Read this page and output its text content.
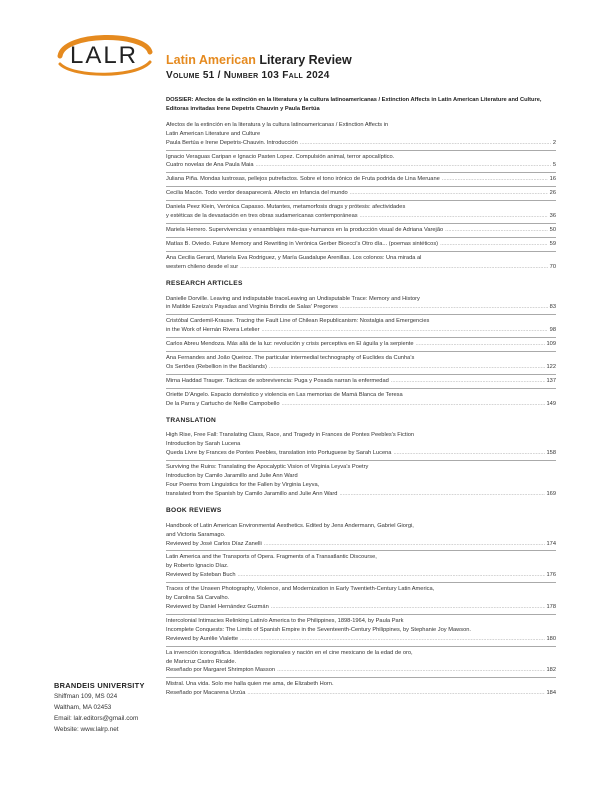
LALR	Latin American Literary Review
Volume 51 / Number 103 Fall 2024
DOSSIER: Afectos de la extinción en la literatura y la cultura latinoamericanas / Extinction Affects in Latin American Literature and Culture, Editoras invitadas Irene Depetris Chauvin y Paula Bertúa
Afectos de la extinción en la literatura y la cultura latinoamericanas / Extinction Affects in
Latin American Literature and Culture
Paula Bertúa e Irene Depetris-Chauvin. Introducción .....	2
Ignacio Veraguas Caripan e Ignacio Pasten Lopez. Compulsión animal, terror apocalíptico.
Cuatro novelas de Ana Paula Maia .....	5
Juliana Piña. Mondas lustrosas, pellejos putrefactos. Sobre el tono irónico de Fruta podrida de Lina Meruane .....	16
Cecilia Macón. Todo verdor desaparecerá. Afecto en Infancia del mundo .....	26
Daniela Peez Klein, Verónica Capasso. Mutantes, metamorfosis drags y prótesis: afectividades
y estéticas de la devastación en tres obras sudamericanas contemporáneas .....	36
Mariela Herrero. Supervivencias y ensamblajes más-que-humanos en la producción visual de Adriana Varejão .....	50
Matías B. Oviedo. Future Memory and Rewriting in Verónica Gerber Bicecci’s Otro día... (poemas sintéticos) .....	59
Ana Cecilia Gerard, Mariela Eva Rodriguez, y María Guadalupe Arenillas. Los colonos: Una mirada al
western chileno desde el sur .....	70
RESEARCH ARTICLES
Danielle Dorville. Leaving and indisputable traceLeaving an Undisputable Trace: Memory and History
in Matilde Ezeiza’s Payadas and Virginia Brindis de Salas’ Pregones .....	83
Cristóbal Cardemil-Krause. Tracing the Fault Line of Chilean Republicanism: Nostalgia and Emergencies
in the Work of Hernán Rivera Letelier .....	98
Carlos Abreu Mendoza. Más allá de la luz: revolución y crisis perceptiva en El águila y la serpiente .....	109
Ana Fernandes and João Queiroz. The particular intermedial technography of Euclides da Cunha’s
Os Sertões (Rebellion in the Backlands) .....	122
Mirna Haddad Trauger. Tácticas de sobrevivencia: Puga y Posada narran la enfermedad .....	137
Oriette D’Angelo. Espacio doméstico y violencia en Las memorias de Mamá Blanca de Teresa
De la Parra y Cartucho de Nellie Campobello .....	149
TRANSLATION
High Rise, Free Fall: Translating Class, Race, and Tragedy in Frances de Pontes Peebles’s Fiction
Introduction by Sarah Lucena
Queda Livre by Frances de Pontes Peebles, translation into Portuguese by Sarah Lucena .....	158
Surviving the Ruins: Translating the Apocalyptic Vision of Virginia Leyva’s Poetry
Introduction by Camilo Jaramillo and Julie Ann Ward
Four Poems from Linguistics for the Fallen by Virginia Leyva,
translated from the Spanish by Camilo Jaramillo and Julie Ann Ward .....	169
BOOK REVIEWS
Handbook of Latin American Environmental Aesthetics. Edited by Jens Andermann, Gabriel Giorgi,
and Victoria Saramago.
Reviewed by José Carlos Díaz Zanelli .....	174
Latin America and the Transports of Opera. Fragments of a Transatlantic Discourse,
by Roberto Ignacio Díaz.
Reviewed by Esteban Buch .....	176
Traces of the Unseen Photography, Violence, and Modernization in Early Twentieth-Century Latin America,
by Carolina Sá Carvalho.
Reviewed by Daniel Hernández Guzmán .....	178
Intercolonial Intimacies Relinking Latin/o America to the Philippines, 1898-1964, by Paula Park
Incomplete Conquests: The Limits of Spanish Empire in the Seventeenth-Century Philippines, by Stephanie Joy Mawson.
Reviewed by Aurélie Vialette .....	180
La invención iconográfica. Identidades regionales y nación en el cine mexicano de la edad de oro,
de Maricruz Castro Ricalde.
Reseñado por Margaret Shrimpton Masson .....	182
Mistral. Una vida. Solo me halla quien me ama, de Elizabeth Horn.
Reseñado por Macarena Urzúa .....	184
BRANDEIS UNIVERSITY
Shiffman 109, MS 024
Waltham, MA 02453
Email: lalr.editors@gmail.com
Website: www.lalrp.net
